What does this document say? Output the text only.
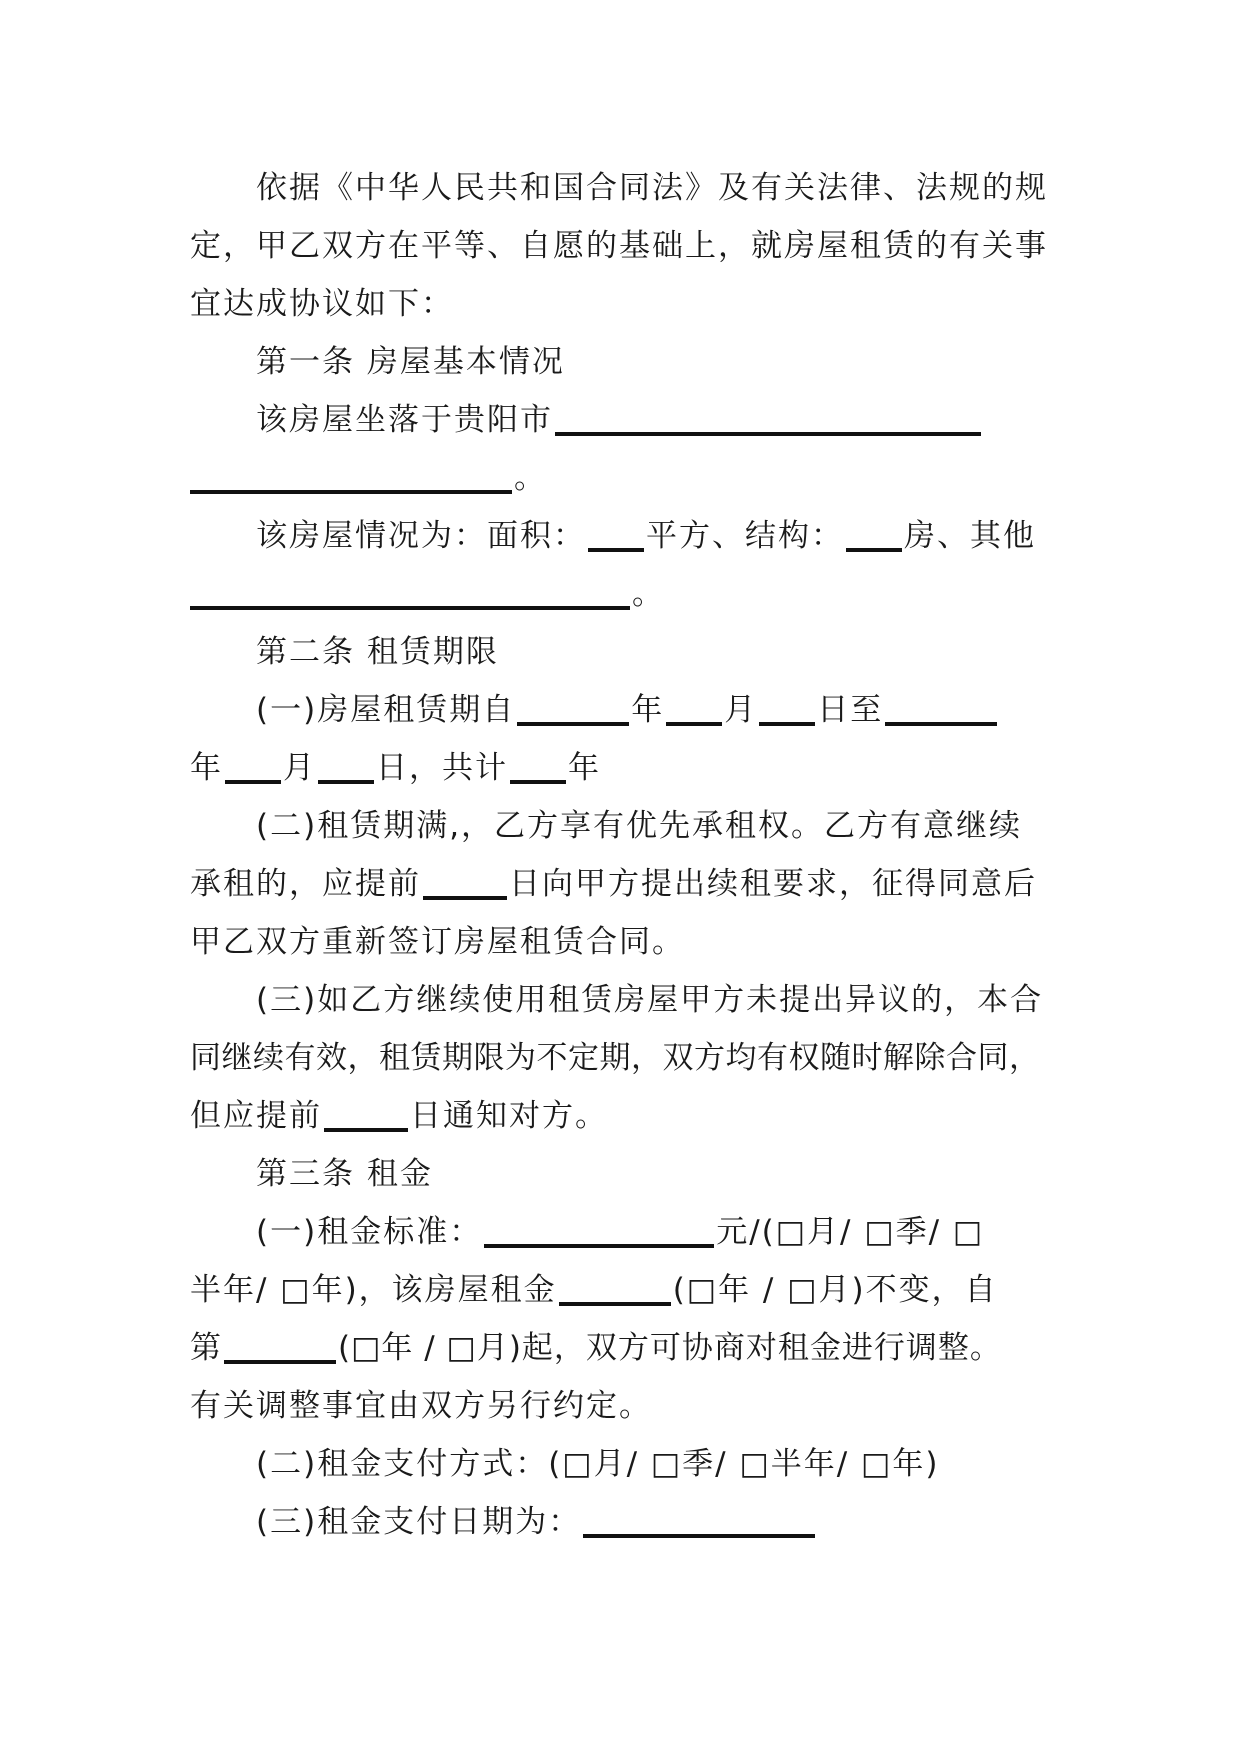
依据《中华人民共和国合同法》及有关法律、法规的规
定，甲乙双方在平等、自愿的基础上，就房屋租赁的有关事
宜达成协议如下：
第一条 房屋基本情况
该房屋坐落于贵阳市
。
该房屋情况为：面积： 平方、结构： 房、其他
。
第二条 租赁期限
(一)房屋租赁期自	年 月 日至
年 月 日，共计 年
(二)租赁期满,，乙方享有优先承租权。乙方有意继续
承租的，应提前	日向甲方提出续租要求，征得同意后
甲乙双方重新签订房屋租赁合同。
(三)如乙方继续使用租赁房屋甲方未提出异议的，本合
同继续有效，租赁期限为不定期，双方均有权随时解除合同，
但应提前	日通知对方。
第三条 租金
(一)租金标准：	元/(□月/ □季/ □
半年/ □年)，该房屋租金	(□年 / □月)不变，自
第	(□年 / □月)起，双方可协商对租金进行调整。
有关调整事宜由双方另行约定。
(二)租金支付方式：(□月/ □季/ □半年/ □年)
(三)租金支付日期为：
